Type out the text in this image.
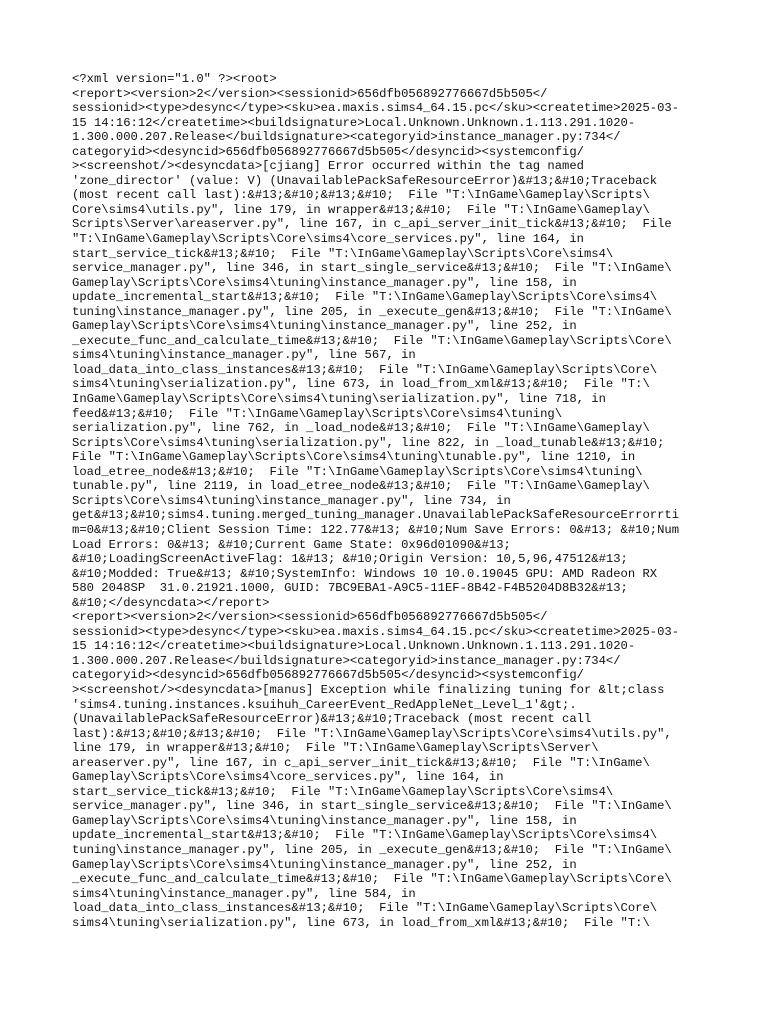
<?xml version="1.0" ?><root>
<report><version>2</version><sessionid>656dfb056892776667d5b505</
sessionid><type>desync</type><sku>ea.maxis.sims4_64.15.pc</sku><createtime>2025-03-
15 14:16:12</createtime><buildsignature>Local.Unknown.Unknown.1.113.291.1020-
1.300.000.207.Release</buildsignature><categoryid>instance_manager.py:734</
categoryid><desyncid>656dfb056892776667d5b505</desyncid><systemconfig/
><screenshot/><desyncdata>[cjiang] Error occurred within the tag named
'zone_director' (value: V) (UnavailablePackSafeResourceError)&#13;&#10;Traceback
(most recent call last):&#13;&#10;&#13;&#10;  File "T:\InGame\Gameplay\Scripts\
Core\sims4\utils.py", line 179, in wrapper&#13;&#10;  File "T:\InGame\Gameplay\
Scripts\Server\areaserver.py", line 167, in c_api_server_init_tick&#13;&#10;  File
"T:\InGame\Gameplay\Scripts\Core\sims4\core_services.py", line 164, in
start_service_tick&#13;&#10;  File "T:\InGame\Gameplay\Scripts\Core\sims4\
service_manager.py", line 346, in start_single_service&#13;&#10;  File "T:\InGame\
Gameplay\Scripts\Core\sims4\tuning\instance_manager.py", line 158, in
update_incremental_start&#13;&#10;  File "T:\InGame\Gameplay\Scripts\Core\sims4\
tuning\instance_manager.py", line 205, in _execute_gen&#13;&#10;  File "T:\InGame\
Gameplay\Scripts\Core\sims4\tuning\instance_manager.py", line 252, in
_execute_func_and_calculate_time&#13;&#10;  File "T:\InGame\Gameplay\Scripts\Core\
sims4\tuning\instance_manager.py", line 567, in
load_data_into_class_instances&#13;&#10;  File "T:\InGame\Gameplay\Scripts\Core\
sims4\tuning\serialization.py", line 673, in load_from_xml&#13;&#10;  File "T:\
InGame\Gameplay\Scripts\Core\sims4\tuning\serialization.py", line 718, in
feed&#13;&#10;  File "T:\InGame\Gameplay\Scripts\Core\sims4\tuning\
serialization.py", line 762, in _load_node&#13;&#10;  File "T:\InGame\Gameplay\
Scripts\Core\sims4\tuning\serialization.py", line 822, in _load_tunable&#13;&#10;
File "T:\InGame\Gameplay\Scripts\Core\sims4\tuning\tunable.py", line 1210, in
load_etree_node&#13;&#10;  File "T:\InGame\Gameplay\Scripts\Core\sims4\tuning\
tunable.py", line 2119, in load_etree_node&#13;&#10;  File "T:\InGame\Gameplay\
Scripts\Core\sims4\tuning\instance_manager.py", line 734, in
get&#13;&#10;sims4.tuning.merged_tuning_manager.UnavailablePackSafeResourceErrorrti
m=0&#13;&#10;Client Session Time: 122.77&#13; &#10;Num Save Errors: 0&#13; &#10;Num
Load Errors: 0&#13; &#10;Current Game State: 0x96d01090&#13;
&#10;LoadingScreenActiveFlag: 1&#13; &#10;Origin Version: 10,5,96,47512&#13;
&#10;Modded: True&#13; &#10;SystemInfo: Windows 10 10.0.19045 GPU: AMD Radeon RX
580 2048SP  31.0.21921.1000, GUID: 7BC9EBA1-A9C5-11EF-8B42-F4B5204D8B32&#13;
&#10;</desyncdata></report>
<report><version>2</version><sessionid>656dfb056892776667d5b505</
sessionid><type>desync</type><sku>ea.maxis.sims4_64.15.pc</sku><createtime>2025-03-
15 14:16:12</createtime><buildsignature>Local.Unknown.Unknown.1.113.291.1020-
1.300.000.207.Release</buildsignature><categoryid>instance_manager.py:734</
categoryid><desyncid>656dfb056892776667d5b505</desyncid><systemconfig/
><screenshot/><desyncdata>[manus] Exception while finalizing tuning for &lt;class
'sims4.tuning.instances.ksuihuh_CareerEvent_RedAppleNet_Level_1'&gt;.
(UnavailablePackSafeResourceError)&#13;&#10;Traceback (most recent call
last):&#13;&#10;&#13;&#10;  File "T:\InGame\Gameplay\Scripts\Core\sims4\utils.py",
line 179, in wrapper&#13;&#10;  File "T:\InGame\Gameplay\Scripts\Server\
areaserver.py", line 167, in c_api_server_init_tick&#13;&#10;  File "T:\InGame\
Gameplay\Scripts\Core\sims4\core_services.py", line 164, in
start_service_tick&#13;&#10;  File "T:\InGame\Gameplay\Scripts\Core\sims4\
service_manager.py", line 346, in start_single_service&#13;&#10;  File "T:\InGame\
Gameplay\Scripts\Core\sims4\tuning\instance_manager.py", line 158, in
update_incremental_start&#13;&#10;  File "T:\InGame\Gameplay\Scripts\Core\sims4\
tuning\instance_manager.py", line 205, in _execute_gen&#13;&#10;  File "T:\InGame\
Gameplay\Scripts\Core\sims4\tuning\instance_manager.py", line 252, in
_execute_func_and_calculate_time&#13;&#10;  File "T:\InGame\Gameplay\Scripts\Core\
sims4\tuning\instance_manager.py", line 584, in
load_data_into_class_instances&#13;&#10;  File "T:\InGame\Gameplay\Scripts\Core\
sims4\tuning\serialization.py", line 673, in load_from_xml&#13;&#10;  File "T:\
